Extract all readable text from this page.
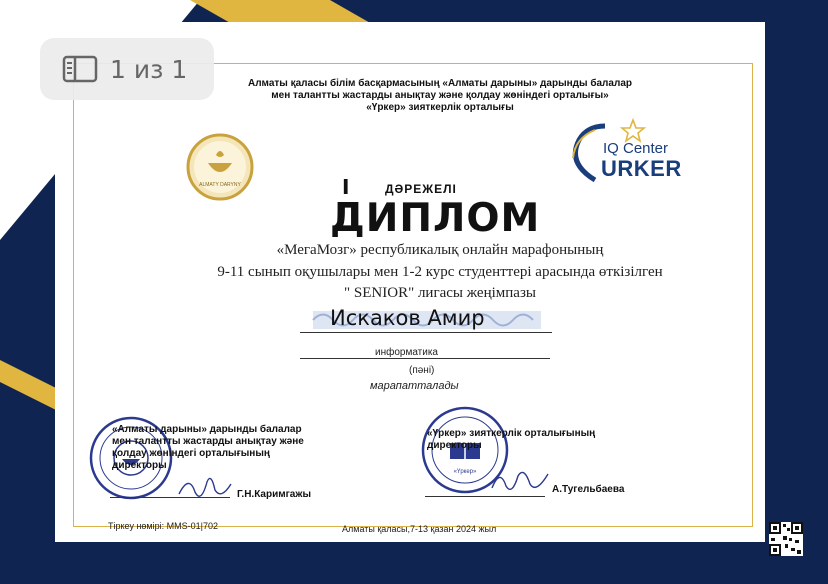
1 из 1	Алматы қаласы білім басқармасының «Алматы дарыны» дарынды балалар
мен талантты жастарды анықтау және қолдау жөніндегі орталығы»
«Үркер» зияткерлік орталығы
ALMATY DARYNY
IQ Center
URKER
I	ДӘРЕЖЕЛІ
ДИПЛОМ
«МегаМозг» республикалық онлайн марафонының
9-11 сынып оқушылары мен 1-2 курс студенттері арасында өткізілген
" SENIOR" лигасы жеңімпазы
Искаков Амир
информатика
(пәні)
марапатталады
«Алматы дарыны» дарынды балалар
мен талантты жастарды анықтау және
қолдау жөніндегі орталығының
директоры
Г.Н.Каримгажы
«Үркер»
«Үркер» зияткерлік орталығының
директоры
А.Тугельбаева
Тіркеу нөмірі: MMS-01|702	Алматы қаласы,7-13 қазан 2024 жыл
